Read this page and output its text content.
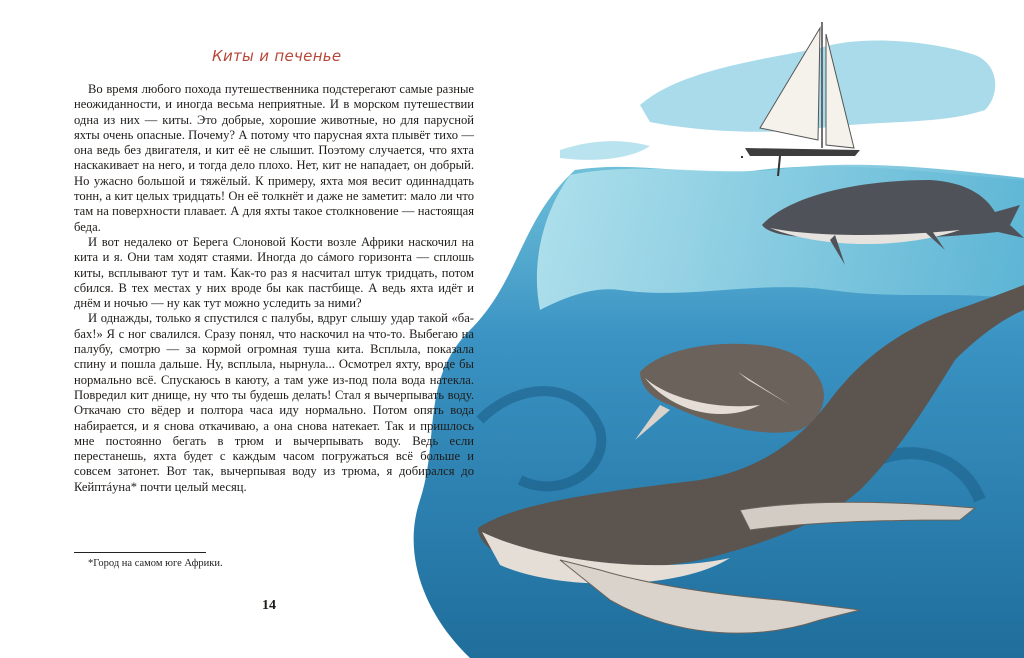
Киты и печенье

Во время любого похода путешественника подстерегают самые разные неожиданности, и иногда весьма неприятные. И в морском путешествии одна из них — киты. Это добрые, хорошие животные, но для парусной яхты очень опасные. Почему? А потому что парусная яхта плывёт тихо — она ведь без двигателя, и кит её не слышит. Поэтому случается, что яхта наскакивает на него, и тогда дело плохо. Нет, кит не нападает, он добрый. Но ужасно большой и тяжёлый. К примеру, яхта моя весит одиннадцать тонн, а кит целых тридцать! Он её толкнёт и даже не заметит: мало ли что там на поверхности плавает. А для яхты такое столкновение — настоящая беда.

И вот недалеко от Берега Слоновой Кости возле Африки наскочил на кита и я. Они там ходят стаями. Иногда до сáмого горизонта — сплошь киты, всплывают тут и там. Как-то раз я насчитал штук тридцать, потом сбился. В тех местах у них вроде бы как пастбище. А ведь яхта идёт и днём и ночью — ну как тут можно уследить за ними?

И однажды, только я спустился с палубы, вдруг слышу удар такой «ба-бах!» Я с ног свалился. Сразу понял, что наскочил на что-то. Выбегаю на палубу, смотрю — за кормой огромная туша кита. Всплыла, показала спину и пошла дальше. Ну, всплыла, нырнула... Осмотрел яхту, вроде бы нормально всё. Спускаюсь в каюту, а там уже из-под пола вода натекла. Повредил кит днище, ну что ты будешь делать! Стал я вычерпывать воду. Откачаю сто вёдер и полтора часа иду нормально. Потом опять вода набирается, и я снова откачиваю, а она снова натекает. Так и пришлось мне постоянно бегать в трюм и вычерпывать воду. Ведь если перестанешь, яхта будет с каждым часом погружаться всё больше и совсем затонет. Вот так, вычерпывая воду из трюма, я добирался до Кейптáуна* почти целый месяц.

*Город на самом юге Африки.
14
